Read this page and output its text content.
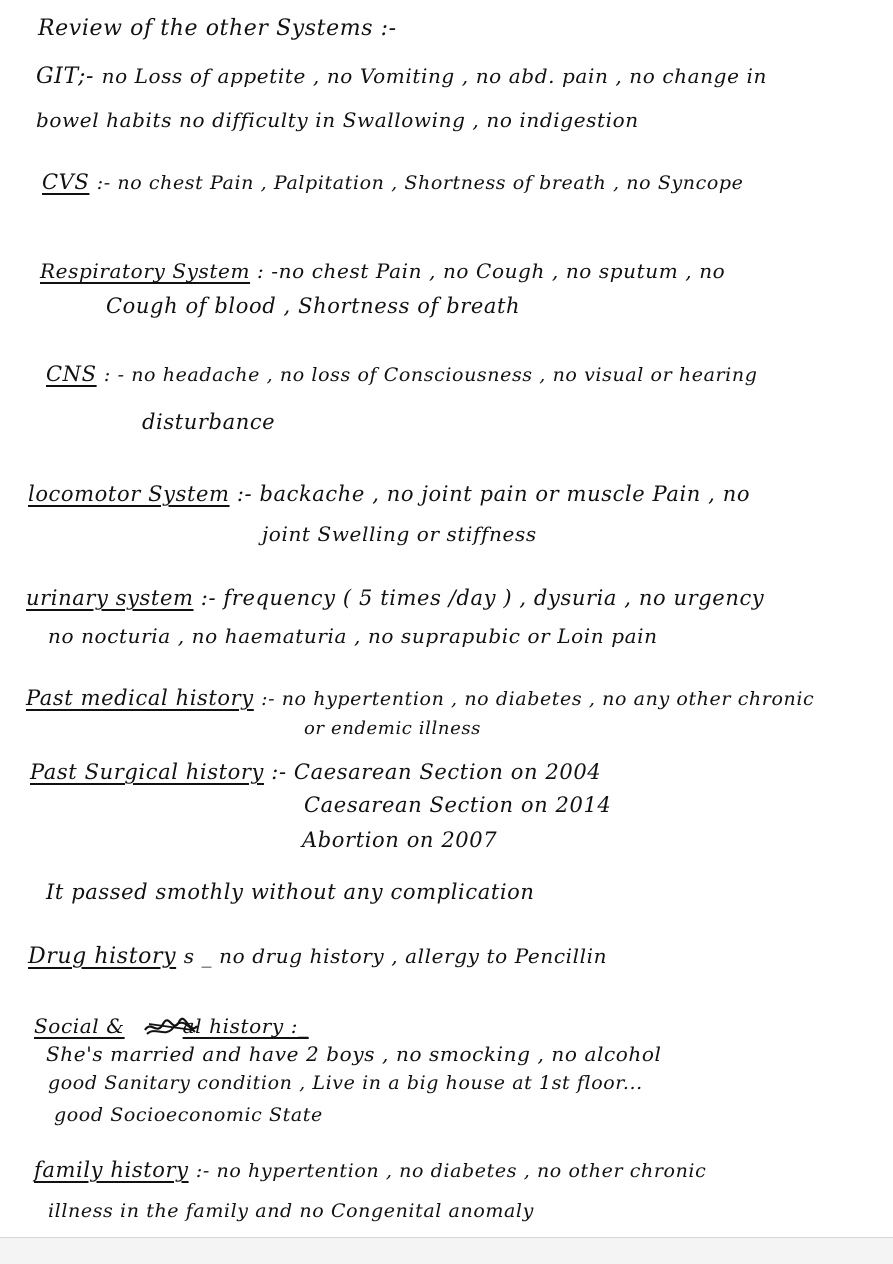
Review of the other Systems :-
GIT;- no Loss of appetite , no Vomiting , no abd. pain , no change in
bowel habits no difficulty in Swallowing , no indigestion
CVS :- no chest Pain , Palpitation , Shortness of breath , no Syncope
Respiratory System : -no chest Pain , no Cough , no sputum , no
Cough of blood , Shortness of breath
CNS : - no headache , no loss of Consciousness , no visual or hearing
disturbance
locomotor System :- backache , no joint pain or muscle Pain , no
joint Swelling or stiffness
urinary system :- frequency ( 5 times /day ) , dysuria , no urgency
no nocturia , no haematuria , no suprapubic or Loin pain
Past medical history :- no hypertention , no diabetes , no any other chronic
or endemic illness
Past Surgical history :- Caesarean Section on 2004
Caesarean Section on 2014
Abortion on 2007
It passed smothly without any complication
Drug history s _ no drug history , allergy to Pencillin
Social &	al history :_
She's married and have 2 boys , no smocking , no alcohol
good Sanitary condition , Live in a big house at 1st floor...
good Socioeconomic State
family history :- no hypertention , no diabetes , no other chronic
illness in the family and no Congenital anomaly
